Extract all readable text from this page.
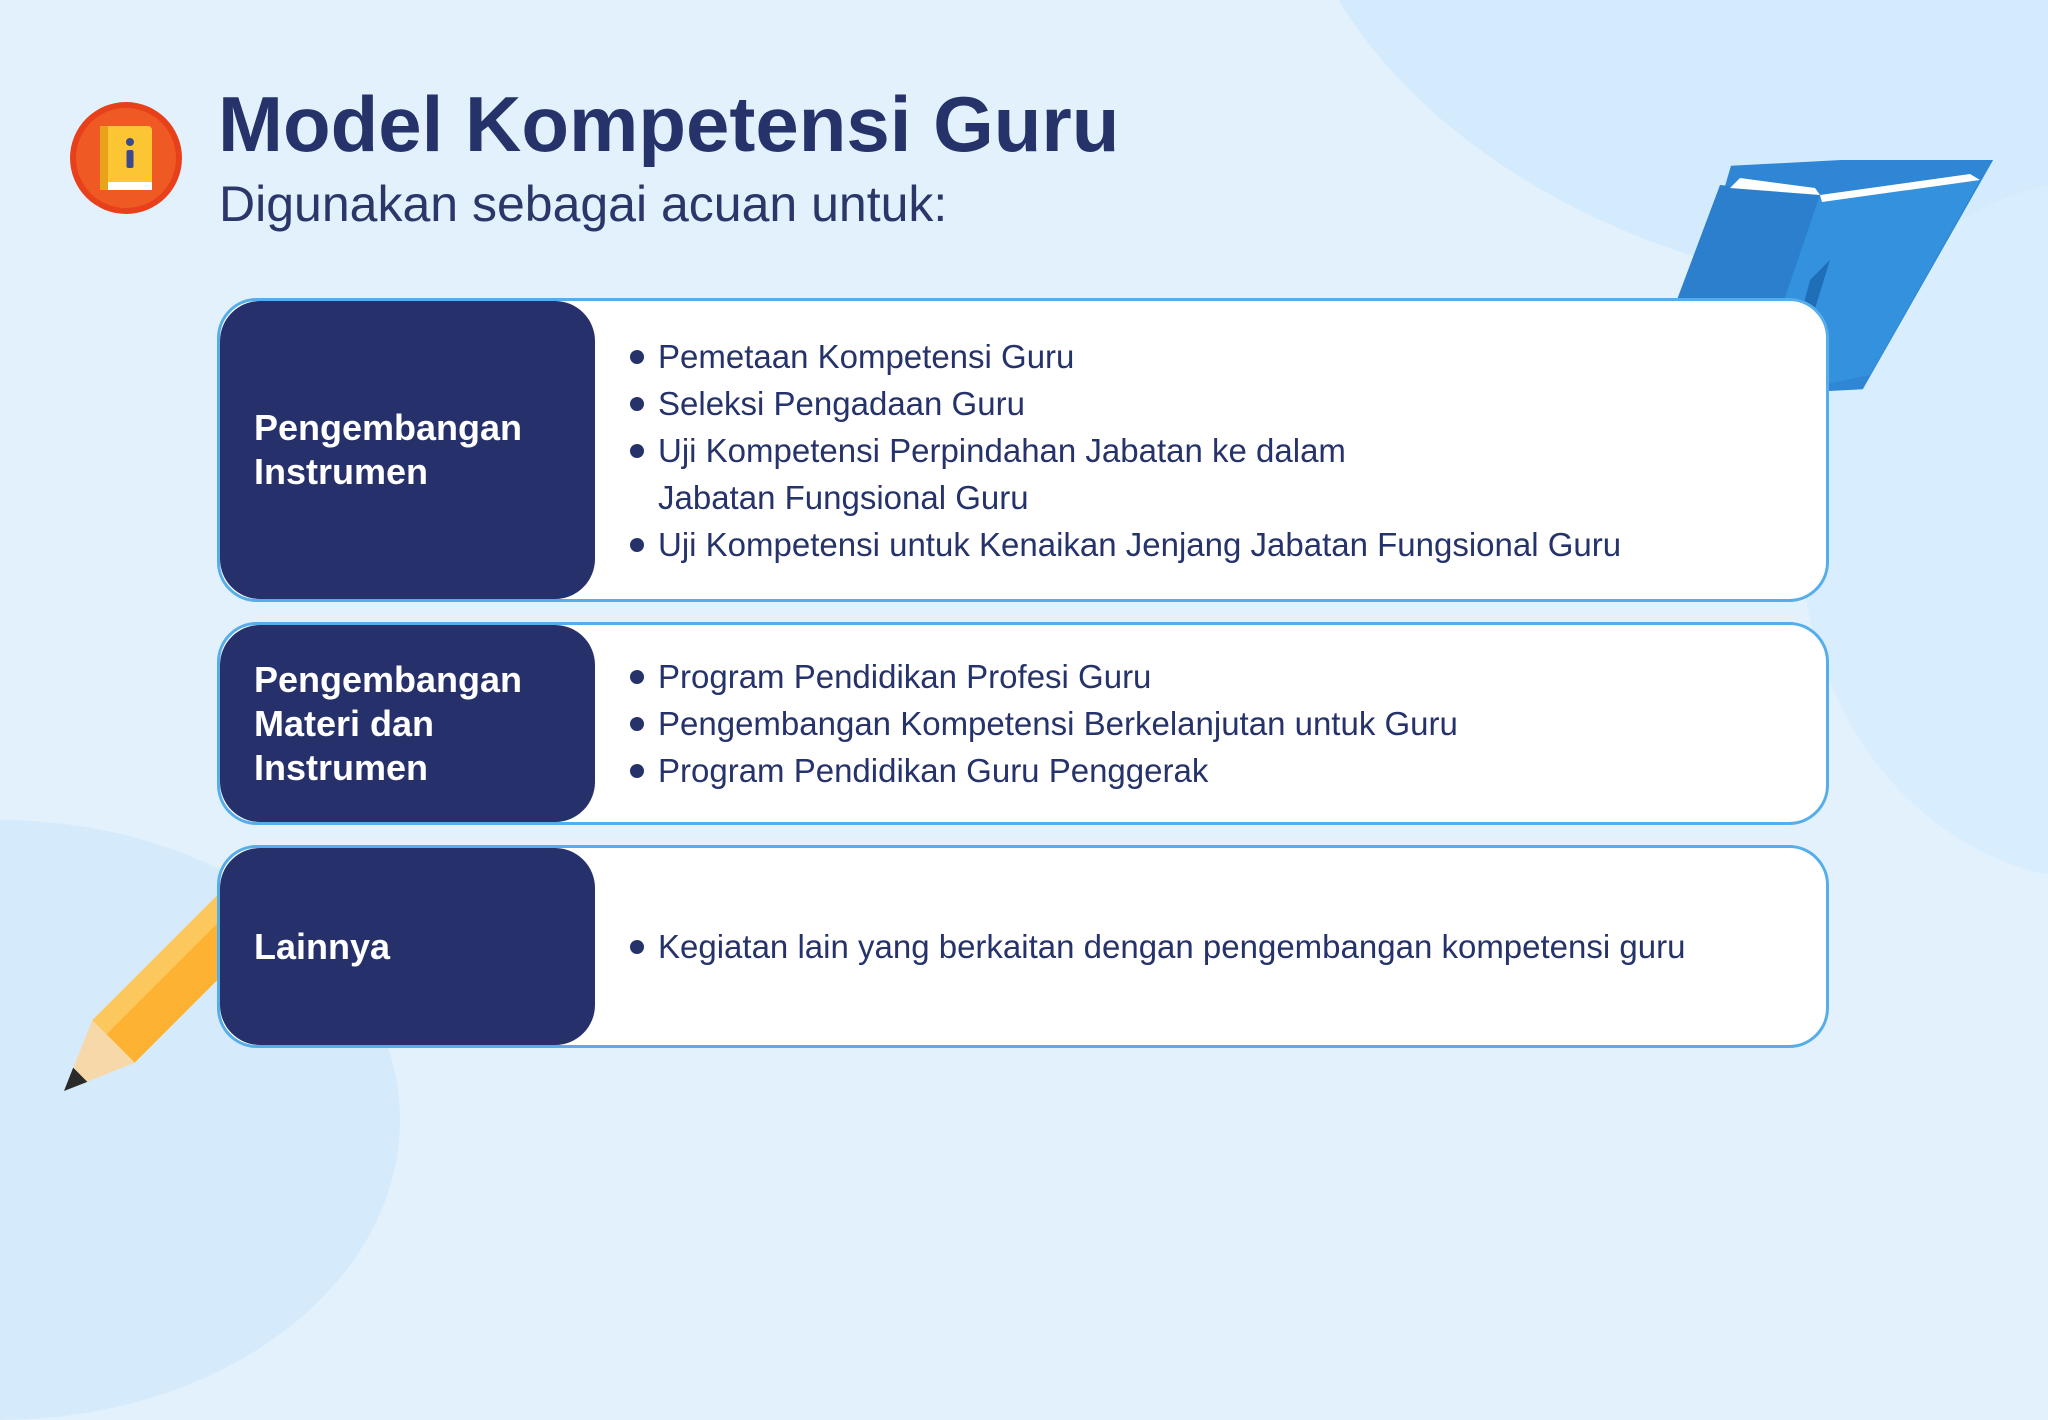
Model Kompetensi Guru
Digunakan sebagai acuan untuk:
Pengembangan
Instrumen
Pemetaan Kompetensi Guru
Seleksi Pengadaan Guru
Uji Kompetensi Perpindahan Jabatan ke dalam
Jabatan Fungsional Guru
Uji Kompetensi untuk Kenaikan Jenjang Jabatan Fungsional Guru
Pengembangan
Materi dan
Instrumen
Program Pendidikan Profesi Guru
Pengembangan Kompetensi Berkelanjutan untuk Guru
Program Pendidikan Guru Penggerak
Lainnya	Kegiatan lain yang berkaitan dengan pengembangan kompetensi guru
